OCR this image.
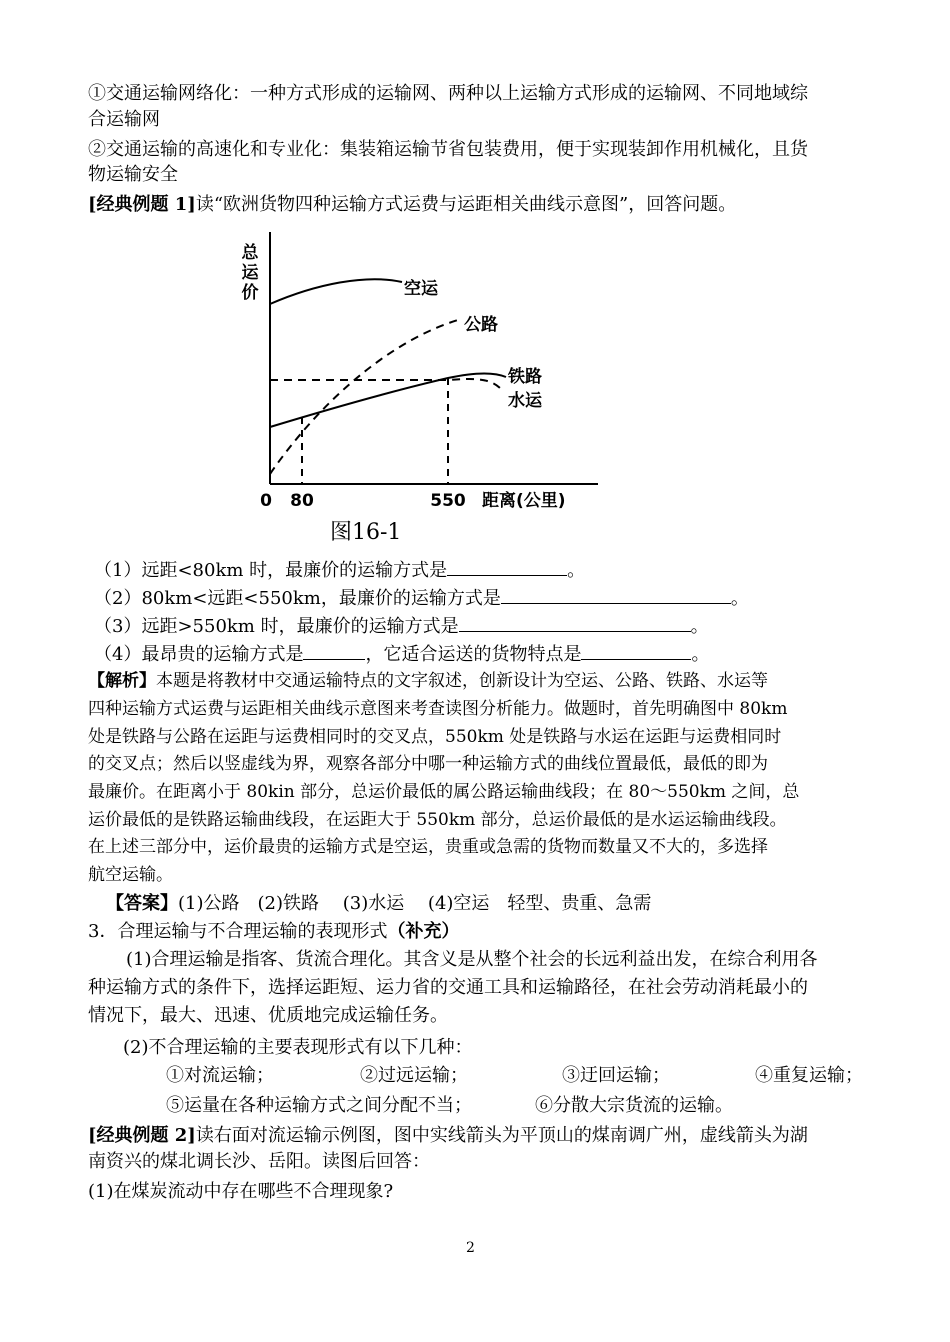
①交通运输网络化：一种方式形成的运输网、两种以上运输方式形成的运输网、不同地域综
合运输网
②交通运输的高速化和专业化：集装箱运输节省包装费用，便于实现装卸作用机械化，且货
物运输安全
[经典例题 1]读“欧洲货物四种运输方式运费与运距相关曲线示意图”，回答问题。
总
运
价	空运
公路
铁路
水运
0 80	550 距离(公里)
图16-1
（1）远距<80km 时，最廉价的运输方式是	。
（2）80km<远距<550km，最廉价的运输方式是	。
（3）远距>550km 时，最廉价的运输方式是	。
（4）最昂贵的运输方式是	，它适合运送的货物特点是	。
【解析】本题是将教材中交通运输特点的文字叙述，创新设计为空运、公路、铁路、水运等
四种运输方式运费与运距相关曲线示意图来考查读图分析能力。做题时，首先明确图中 80km
处是铁路与公路在运距与运费相同时的交叉点，550km 处是铁路与水运在运距与运费相同时
的交叉点；然后以竖虚线为界，观察各部分中哪一种运输方式的曲线位置最低，最低的即为
最廉价。在距离小于 80kin 部分，总运价最低的属公路运输曲线段；在 80～550km 之间，总
运价最低的是铁路运输曲线段，在运距大于 550km 部分，总运价最低的是水运运输曲线段。
在上述三部分中，运价最贵的运输方式是空运，贵重或急需的货物而数量又不大的，多选择
航空运输。
【答案】(1)公路　(2)铁路　 (3)水运　 (4)空运　轻型、贵重、急需
3．合理运输与不合理运输的表现形式（补充）
(1)合理运输是指客、货流合理化。其含义是从整个社会的长远利益出发，在综合利用各
种运输方式的条件下，选择运距短、运力省的交通工具和运输路径，在社会劳动消耗最小的
情况下，最大、迅速、优质地完成运输任务。
(2)不合理运输的主要表现形式有以下几种：
①对流运输；	②过远运输；	③迂回运输；	④重复运输；
⑤运量在各种运输方式之间分配不当；	⑥分散大宗货流的运输。
[经典例题 2]读右面对流运输示例图，图中实线箭头为平顶山的煤南调广州，虚线箭头为湖
南资兴的煤北调长沙、岳阳。读图后回答：
(1)在煤炭流动中存在哪些不合理现象?
2
